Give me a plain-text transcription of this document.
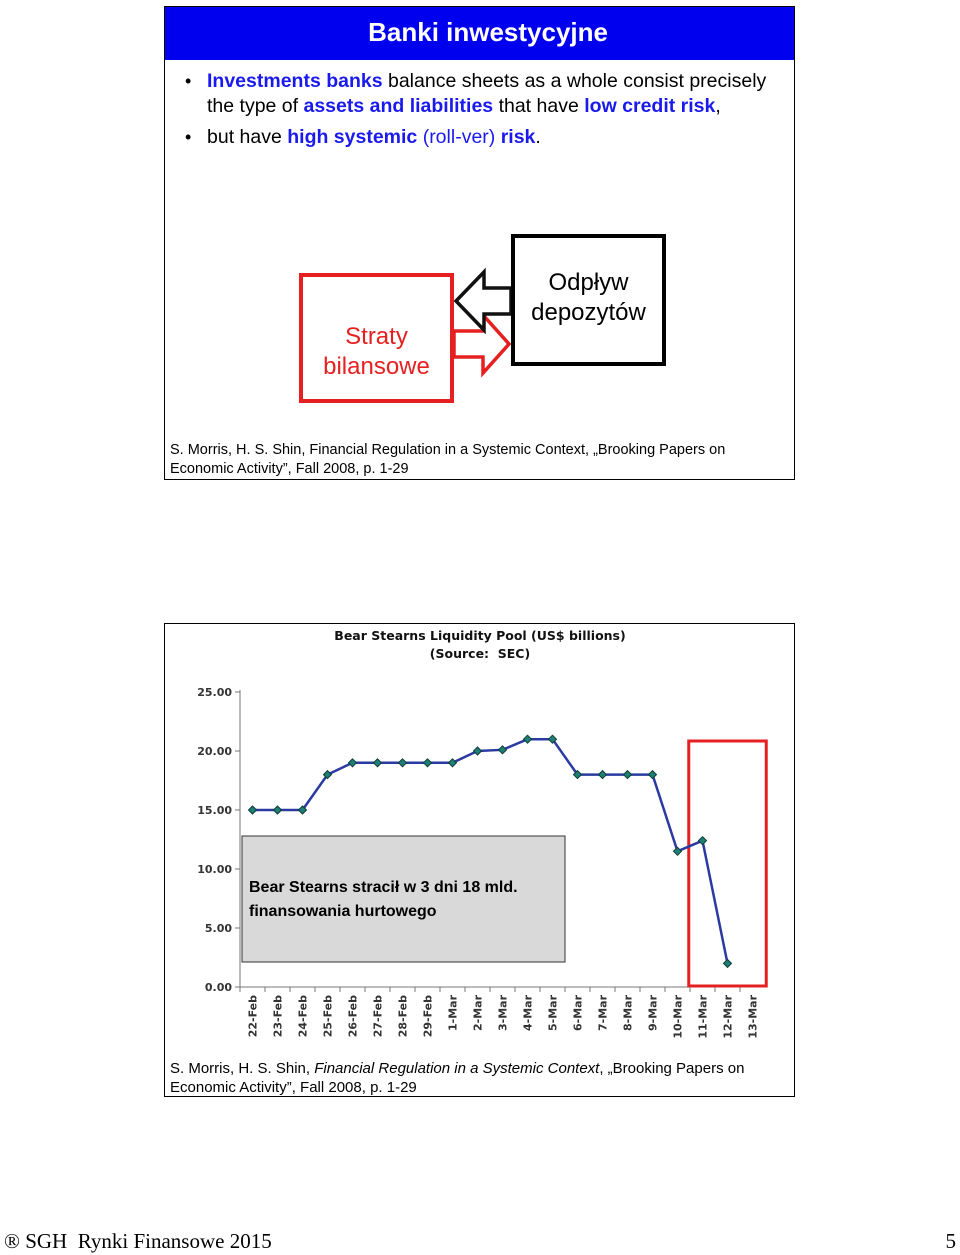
Banki inwestycyjne
• Investments banks balance sheets as a whole consist precisely the type of assets and liabilities that have low credit risk,
• but have high systemic (roll-ver) risk.
Straty
bilansowe
Odpływ
depozytów
S. Morris, H. S. Shin, Financial Regulation in a Systemic Context, „Brooking Papers on Economic Activity”, Fall 2008, p. 1-29
Bear Stearns Liquidity Pool (US$ billions)
(Source:  SEC)
0.00
5.00
10.00
15.00
20.00
25.00
22-Feb 23-Feb 24-Feb 25-Feb 26-Feb 27-Feb 28-Feb 29-Feb 1-Mar 2-Mar 3-Mar 4-Mar 5-Mar 6-Mar 7-Mar 8-Mar 9-Mar 10-Mar 11-Mar 12-Mar 13-Mar
Bear Stearns stracił w 3 dni 18 mld.
finansowania hurtowego
S. Morris, H. S. Shin, Financial Regulation in a Systemic Context, „Brooking Papers on Economic Activity”, Fall 2008, p. 1-29
® SGH  Rynki Finansowe 2015	5
